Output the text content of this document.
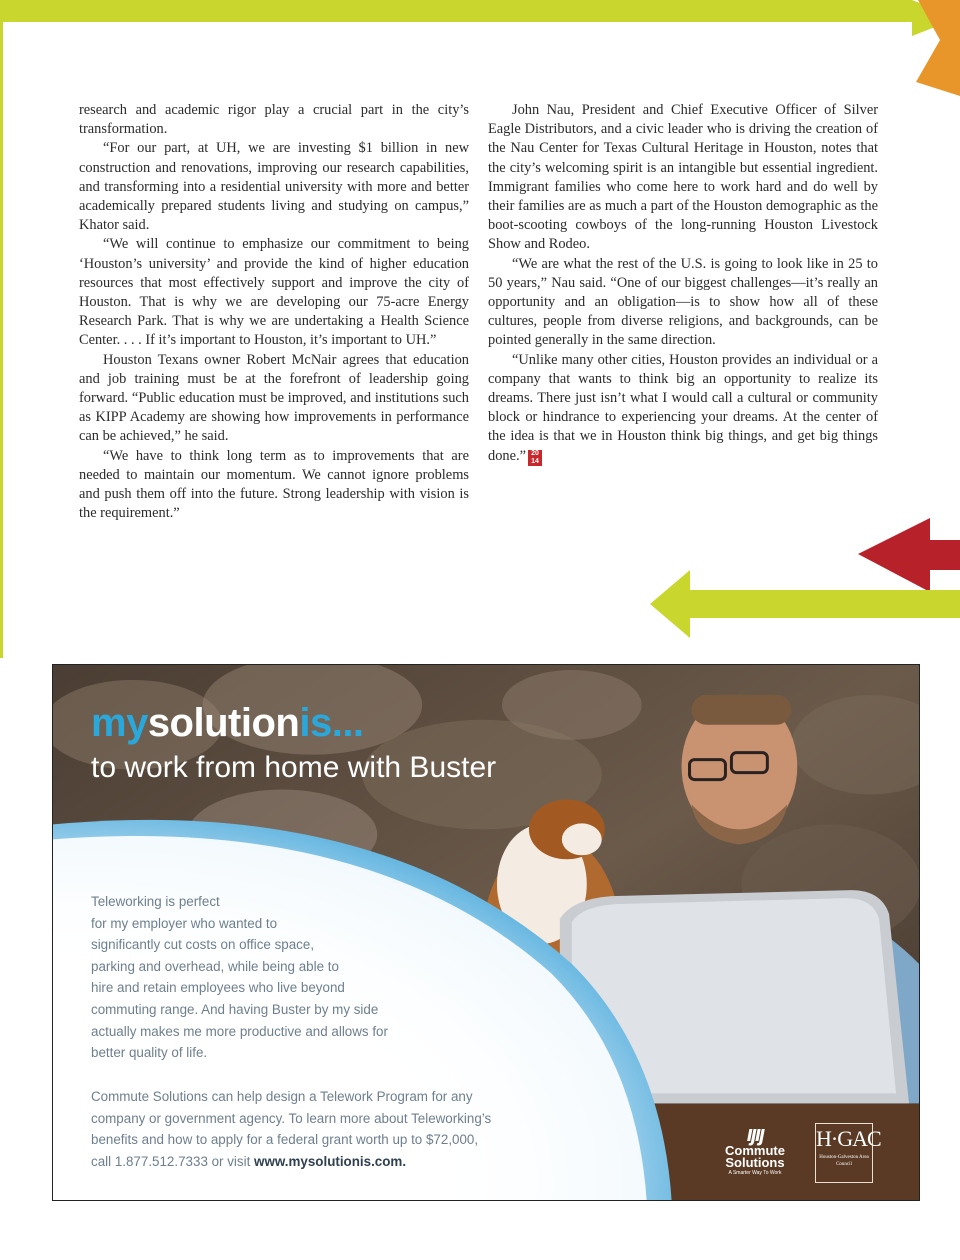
research and academic rigor play a crucial part in the city’s transformation.

“For our part, at UH, we are investing $1 billion in new construction and renovations, improving our research capabilities, and transforming into a residential university with more and better academically prepared students living and studying on campus,” Khator said.

“We will continue to emphasize our commitment to being ‘Houston’s university’ and provide the kind of higher education resources that most effectively support and improve the city of Houston. That is why we are developing our 75-acre Energy Research Park. That is why we are undertaking a Health Science Center. . . . If it’s important to Houston, it’s important to UH.”

Houston Texans owner Robert McNair agrees that education and job training must be at the forefront of leadership going forward. “Public education must be improved, and institutions such as KIPP Academy are showing how improvements in performance can be achieved,” he said.

“We have to think long term as to improvements that are needed to maintain our momentum. We cannot ignore problems and push them off into the future. Strong leadership with vision is the requirement.”

John Nau, President and Chief Executive Officer of Silver Eagle Distributors, and a civic leader who is driving the creation of the Nau Center for Texas Cultural Heritage in Houston, notes that the city’s welcoming spirit is an intangible but essential ingredient. Immigrant families who come here to work hard and do well by their families are as much a part of the Houston demographic as the boot-scooting cowboys of the long-running Houston Livestock Show and Rodeo.

“We are what the rest of the U.S. is going to look like in 25 to 50 years,” Nau said. “One of our biggest challenges—it’s really an opportunity and an obligation—is to show how all of these cultures, people from diverse religions, and backgrounds, can be pointed generally in the same direction.

“Unlike many other cities, Houston provides an individual or a company that wants to think big an opportunity to realize its dreams. There just isn’t what I would call a cultural or community block or hindrance to experiencing your dreams. At the center of the idea is that we in Houston think big things, and get big things done.” 20
14

mysolutionis...
to work from home with Buster
Teleworking is perfect
for my employer who wanted to
significantly cut costs on office space,
parking and overhead, while being able to
hire and retain employees who live beyond
commuting range. And having Buster by my side
actually makes me more productive and allows for
better quality of life.
Commute Solutions can help design a Telework Program for any
company or government agency. To learn more about Teleworking’s
benefits and how to apply for a federal grant worth up to $72,000,
call 1.877.512.7333 or visit www.mysolutionis.com.
ıȷıȷ
Commute
Solutions
A Smarter Way To Work
H·GAC
Houston-Galveston Area Council
